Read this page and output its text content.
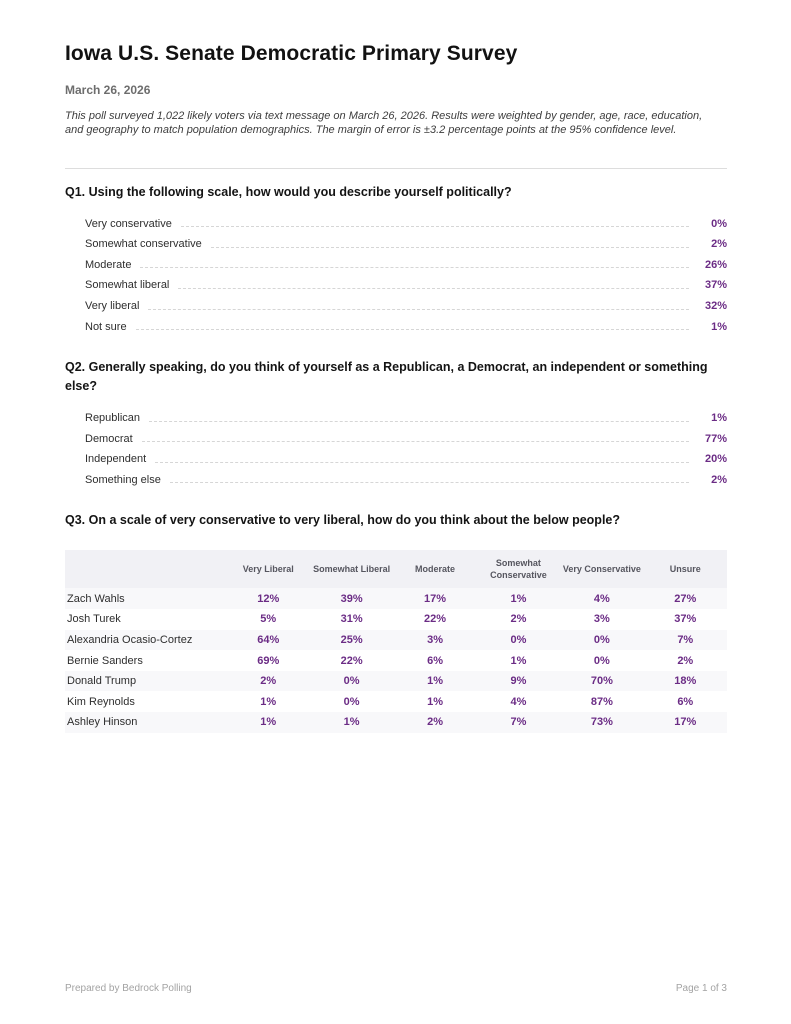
Iowa U.S. Senate Democratic Primary Survey
March 26, 2026

This poll surveyed 1,022 likely voters via text message on March 26, 2026. Results were weighted by gender, age, race, education, and geography to match population demographics. The margin of error is ±3.2 percentage points at the 95% confidence level.

Q1. Using the following scale, how would you describe yourself politically?
Very conservative	0%
Somewhat conservative	2%
Moderate	26%
Somewhat liberal	37%
Very liberal	32%
Not sure	1%
Q2. Generally speaking, do you think of yourself as a Republican, a Democrat, an independent or something else?
Republican	1%
Democrat	77%
Independent	20%
Something else	2%
Q3. On a scale of very conservative to very liberal, how do you think about the below people?
	Very Liberal	Somewhat Liberal	Moderate	Somewhat Conservative	Very Conservative	Unsure
Zach Wahls	12%	39%	17%	1%	4%	27%
Josh Turek	5%	31%	22%	2%	3%	37%
Alexandria Ocasio-Cortez	64%	25%	3%	0%	0%	7%
Bernie Sanders	69%	22%	6%	1%	0%	2%
Donald Trump	2%	0%	1%	9%	70%	18%
Kim Reynolds	1%	0%	1%	4%	87%	6%
Ashley Hinson	1%	1%	2%	7%	73%	17%
Prepared by Bedrock Polling	Page 1 of 3
